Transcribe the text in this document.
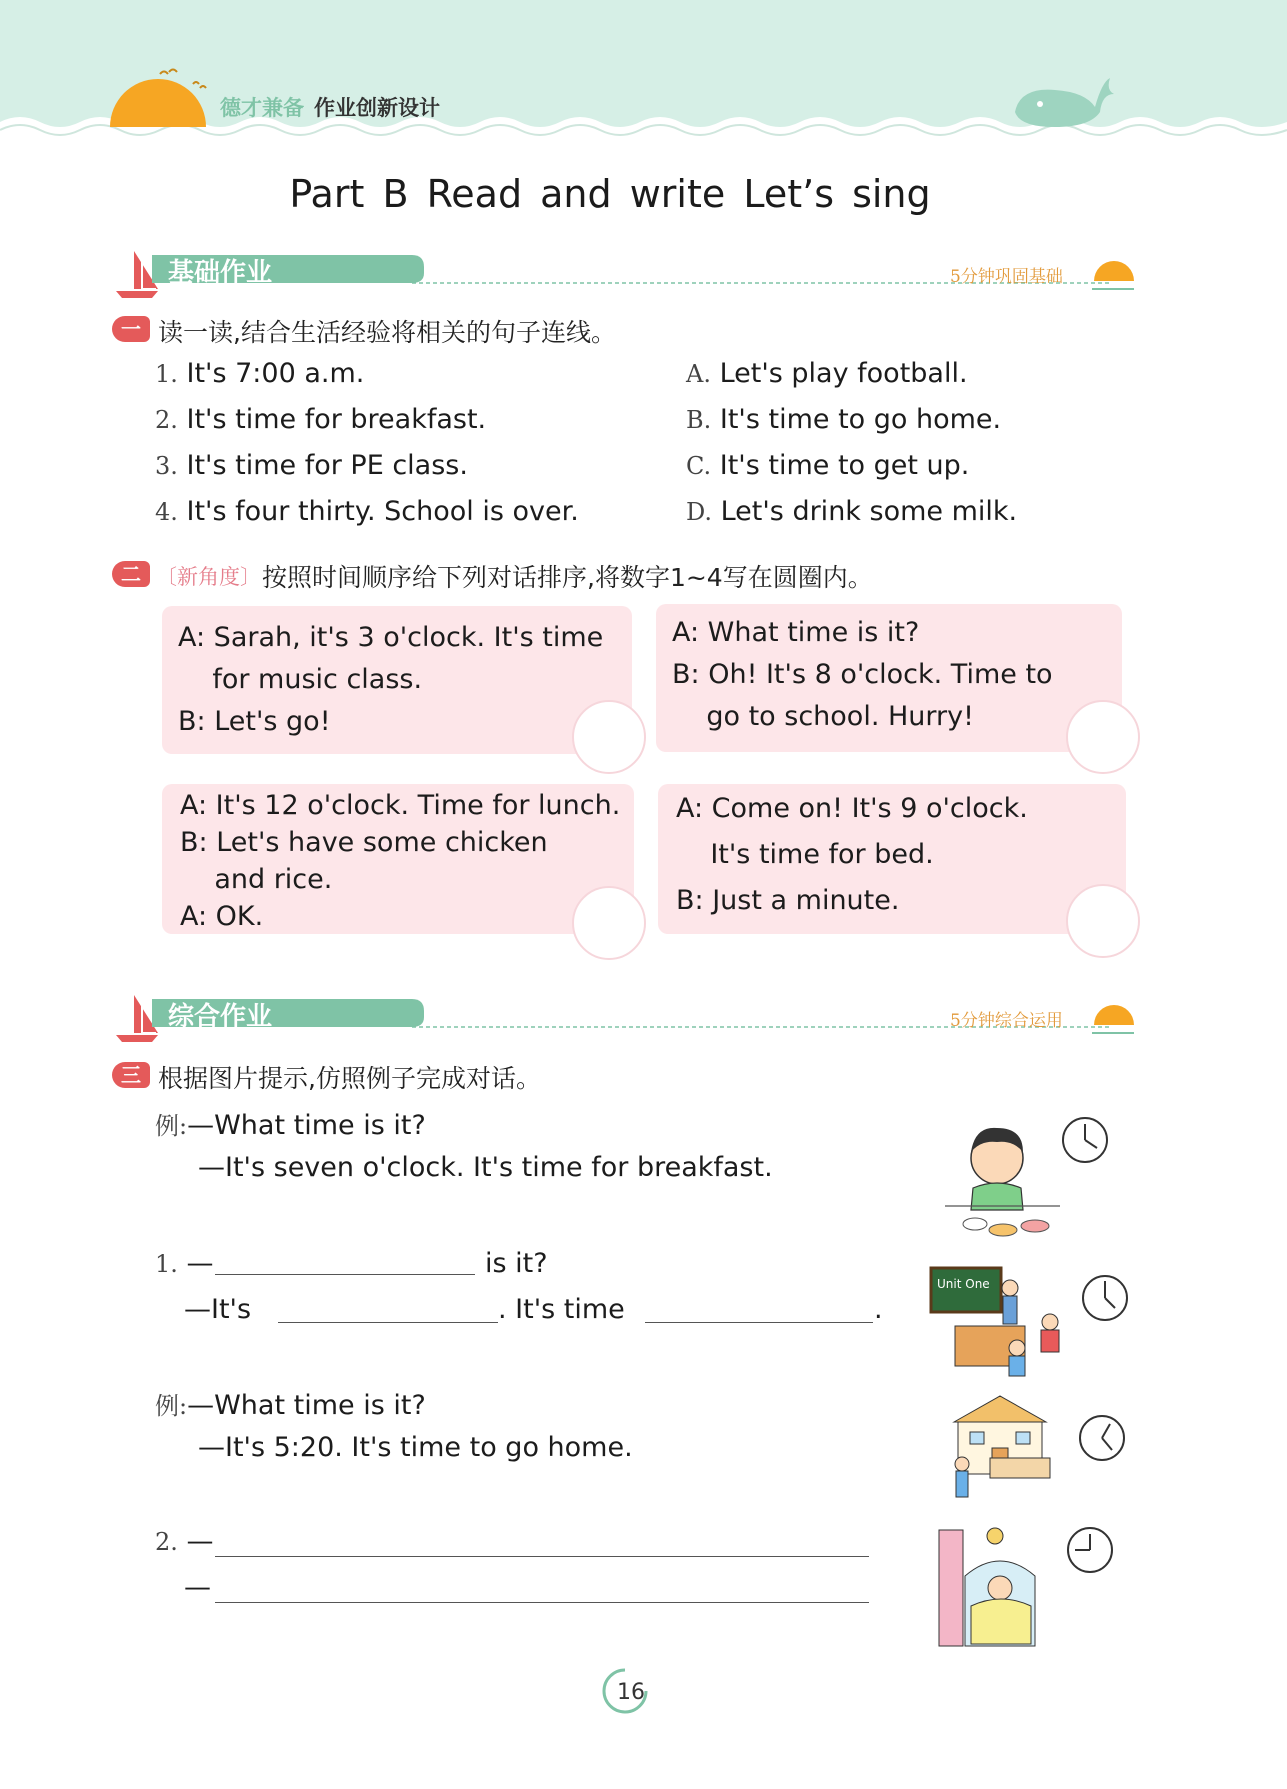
德才兼备 作业创新设计
Part B Read and write Let’s sing
基础作业	5分钟巩固基础
一 读一读,结合生活经验将相关的句子连线。
1. It's 7:00 a.m.
2. It's time for breakfast.
3. It's time for PE class.
4. It's four thirty. School is over.
A. Let's play football.
B. It's time to go home.
C. It's time to get up.
D. Let's drink some milk.
二 〔新角度〕 按照时间顺序给下列对话排序,将数字1~4写在圆圈内。
A: Sarah, it's 3 o'clock. It's time
for music class.
B: Let's go!
A: What time is it?
B: Oh! It's 8 o'clock. Time to
go to school. Hurry!
A: It's 12 o'clock. Time for lunch.
B: Let's have some chicken
and rice.
A: OK.
A: Come on! It's 9 o'clock.
It's time for bed.
B: Just a minute.
综合作业	5分钟综合运用
三 根据图片提示,仿照例子完成对话。
例:—What time is it?
—It's seven o'clock. It's time for breakfast.
1. —	is it?
—It's	. It's time	.
例:—What time is it?
—It's 5:20. It's time to go home.
2. —
—
Unit One
16
